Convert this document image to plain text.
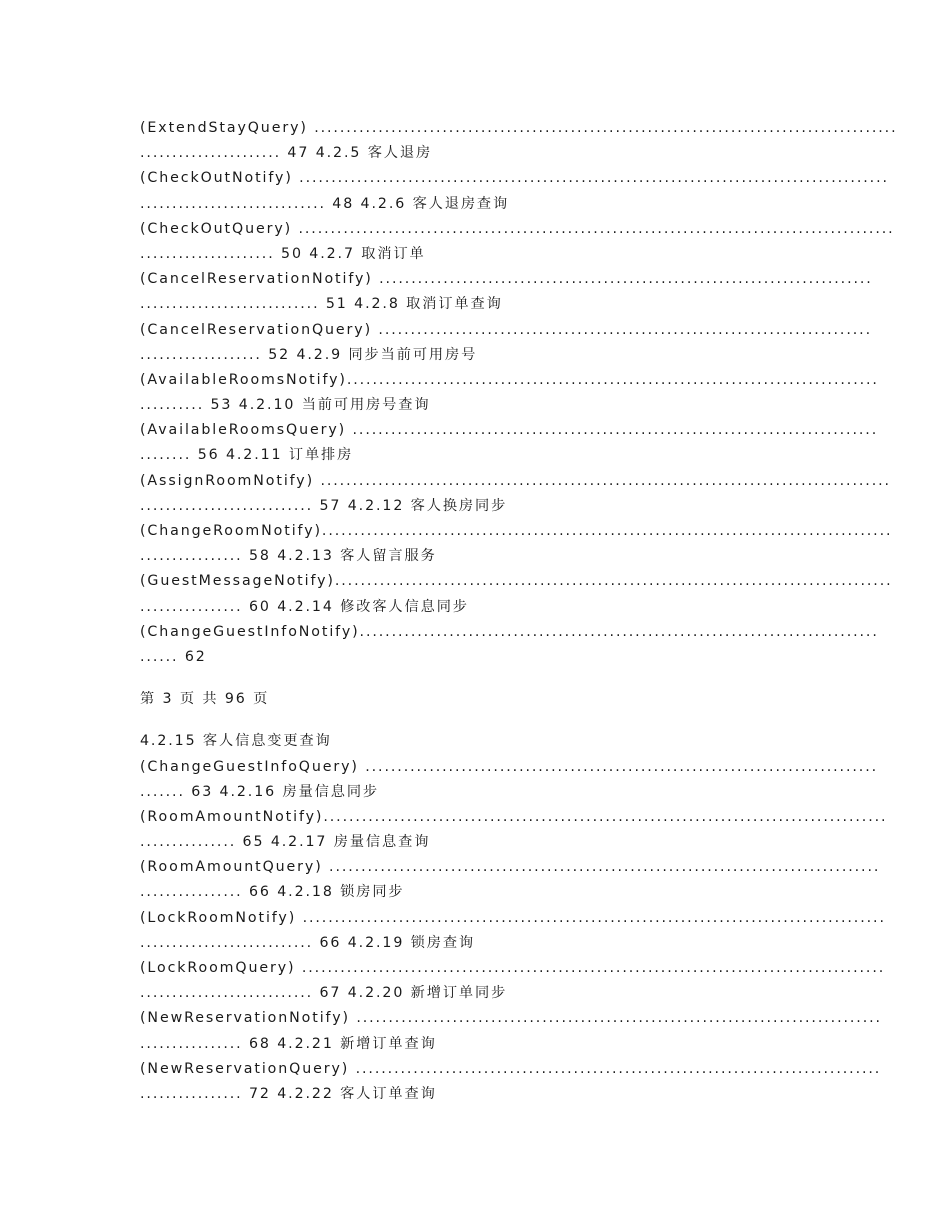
(ExtendStayQuery) ...........................................................................................
...................... 47 4.2.5 客人退房
(CheckOutNotify) ............................................................................................
............................. 48 4.2.6 客人退房查询
(CheckOutQuery) .............................................................................................
..................... 50 4.2.7 取消订单
(CancelReservationNotify) .............................................................................
............................ 51 4.2.8 取消订单查询
(CancelReservationQuery) .............................................................................
................... 52 4.2.9 同步当前可用房号
(AvailableRoomsNotify)...................................................................................
.......... 53 4.2.10 当前可用房号查询
(AvailableRoomsQuery) ..................................................................................
........ 56 4.2.11 订单排房
(AssignRoomNotify) .........................................................................................
........................... 57 4.2.12 客人换房同步
(ChangeRoomNotify).........................................................................................
................ 58 4.2.13 客人留言服务
(GuestMessageNotify).......................................................................................
................ 60 4.2.14 修改客人信息同步
(ChangeGuestInfoNotify).................................................................................
...... 62
第 3 页 共 96 页
4.2.15 客人信息变更查询
(ChangeGuestInfoQuery) ................................................................................
....... 63 4.2.16 房量信息同步
(RoomAmountNotify)........................................................................................
............... 65 4.2.17 房量信息查询
(RoomAmountQuery) ......................................................................................
................ 66 4.2.18 锁房同步
(LockRoomNotify) ...........................................................................................
........................... 66 4.2.19 锁房查询
(LockRoomQuery) ...........................................................................................
........................... 67 4.2.20 新增订单同步
(NewReservationNotify) ..................................................................................
................ 68 4.2.21 新增订单查询
(NewReservationQuery) ..................................................................................
................ 72 4.2.22 客人订单查询
